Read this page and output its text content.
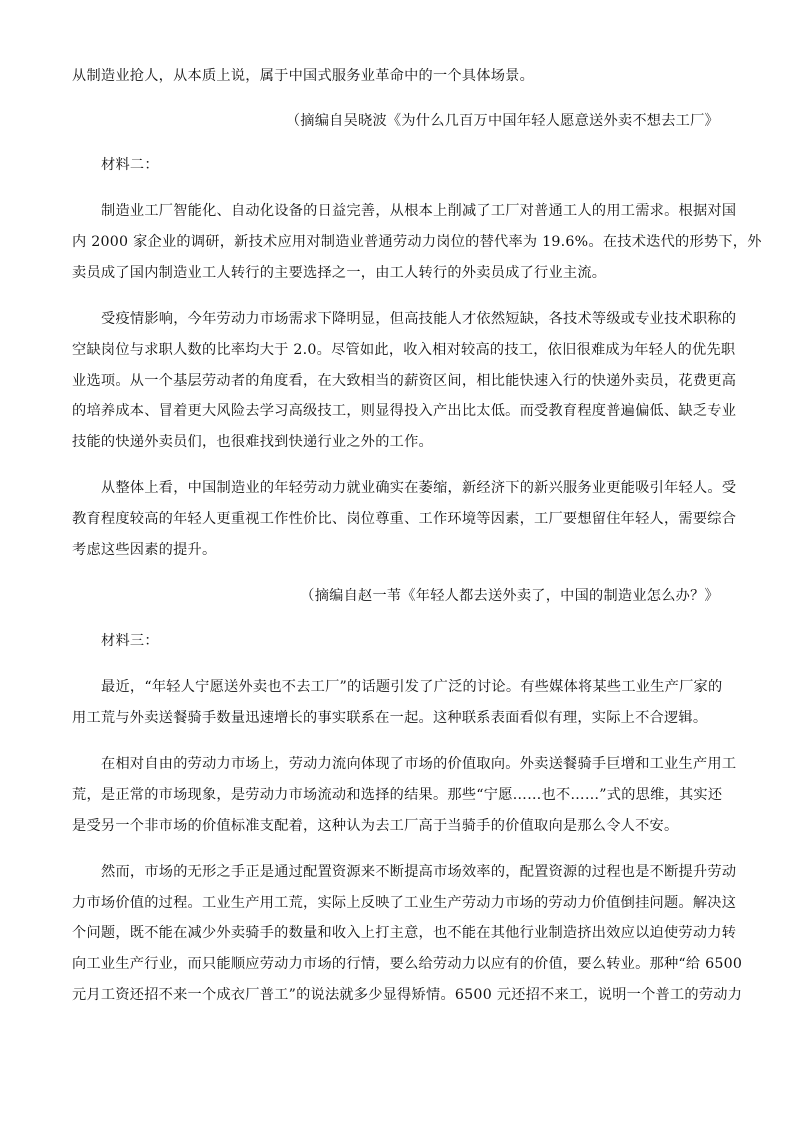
从制造业抢人，从本质上说，属于中国式服务业革命中的一个具体场景。
（摘编自吴晓波《为什么几百万中国年轻人愿意送外卖不想去工厂》
材料二：
制造业工厂智能化、自动化设备的日益完善，从根本上削减了工厂对普通工人的用工需求。根据对国
内 2000 家企业的调研，新技术应用对制造业普通劳动力岗位的替代率为 19.6%。在技术迭代的形势下，外
卖员成了国内制造业工人转行的主要选择之一，由工人转行的外卖员成了行业主流。
受疫情影响，今年劳动力市场需求下降明显，但高技能人才依然短缺，各技术等级或专业技术职称的
空缺岗位与求职人数的比率均大于 2.0。尽管如此，收入相对较高的技工，依旧很难成为年轻人的优先职
业选项。从一个基层劳动者的角度看，在大致相当的薪资区间，相比能快速入行的快递外卖员，花费更高
的培养成本、冒着更大风险去学习高级技工，则显得投入产出比太低。而受教育程度普遍偏低、缺乏专业
技能的快递外卖员们，也很难找到快递行业之外的工作。
从整体上看，中国制造业的年轻劳动力就业确实在萎缩，新经济下的新兴服务业更能吸引年轻人。受
教育程度较高的年轻人更重视工作性价比、岗位尊重、工作环境等因素，工厂要想留住年轻人，需要综合
考虑这些因素的提升。
（摘编自赵一苇《年轻人都去送外卖了，中国的制造业怎么办？》
材料三：
最近，“年轻人宁愿送外卖也不去工厂”的话题引发了广泛的讨论。有些媒体将某些工业生产厂家的
用工荒与外卖送餐骑手数量迅速增长的事实联系在一起。这种联系表面看似有理，实际上不合逻辑。
在相对自由的劳动力市场上，劳动力流向体现了市场的价值取向。外卖送餐骑手巨增和工业生产用工
荒，是正常的市场现象，是劳动力市场流动和选择的结果。那些“宁愿……也不……”式的思维，其实还
是受另一个非市场的价值标准支配着，这种认为去工厂高于当骑手的价值取向是那么令人不安。
然而，市场的无形之手正是通过配置资源来不断提高市场效率的，配置资源的过程也是不断提升劳动
力市场价值的过程。工业生产用工荒，实际上反映了工业生产劳动力市场的劳动力价值倒挂问题。解决这
个问题，既不能在减少外卖骑手的数量和收入上打主意，也不能在其他行业制造挤出效应以迫使劳动力转
向工业生产行业，而只能顺应劳动力市场的行情，要么给劳动力以应有的价值，要么转业。那种“给 6500
元月工资还招不来一个成衣厂普工”的说法就多少显得矫情。6500 元还招不来工，说明一个普工的劳动力
